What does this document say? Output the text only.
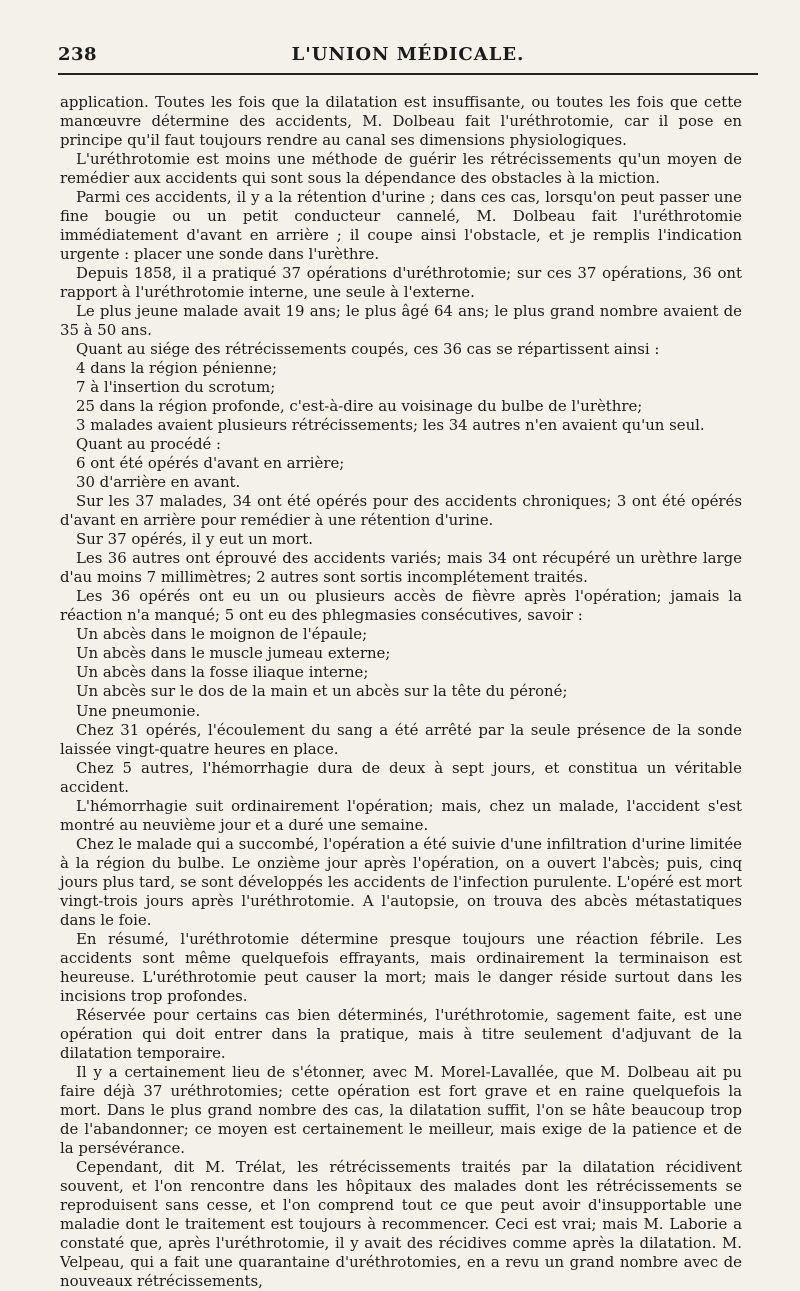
238	L'UNION MÉDICALE.

application. Toutes les fois que la dilatation est insuffisante, ou toutes les fois que cette manœuvre détermine des accidents, M. Dolbeau fait l'uréthrotomie, car il pose en principe qu'il faut toujours rendre au canal ses dimensions physiologiques.

L'uréthrotomie est moins une méthode de guérir les rétrécissements qu'un moyen de remédier aux accidents qui sont sous la dépendance des obstacles à la miction.

Parmi ces accidents, il y a la rétention d'urine ; dans ces cas, lorsqu'on peut passer une fine bougie ou un petit conducteur cannelé, M. Dolbeau fait l'uréthrotomie immédiatement d'avant en arrière ; il coupe ainsi l'obstacle, et je remplis l'indication urgente : placer une sonde dans l'urèthre.

Depuis 1858, il a pratiqué 37 opérations d'uréthrotomie; sur ces 37 opérations, 36 ont rapport à l'uréthrotomie interne, une seule à l'externe.

Le plus jeune malade avait 19 ans; le plus âgé 64 ans; le plus grand nombre avaient de 35 à 50 ans.

Quant au siége des rétrécissements coupés, ces 36 cas se répartissent ainsi :

4 dans la région pénienne;

7 à l'insertion du scrotum;

25 dans la région profonde, c'est-à-dire au voisinage du bulbe de l'urèthre;

3 malades avaient plusieurs rétrécissements; les 34 autres n'en avaient qu'un seul.

Quant au procédé :

6 ont été opérés d'avant en arrière;

30 d'arrière en avant.

Sur les 37 malades, 34 ont été opérés pour des accidents chroniques; 3 ont été opérés d'avant en arrière pour remédier à une rétention d'urine.

Sur 37 opérés, il y eut un mort.

Les 36 autres ont éprouvé des accidents variés; mais 34 ont récupéré un urèthre large d'au moins 7 millimètres; 2 autres sont sortis incomplétement traités.

Les 36 opérés ont eu un ou plusieurs accès de fièvre après l'opération; jamais la réaction n'a manqué; 5 ont eu des phlegmasies consécutives, savoir :

Un abcès dans le moignon de l'épaule;

Un abcès dans le muscle jumeau externe;

Un abcès dans la fosse iliaque interne;

Un abcès sur le dos de la main et un abcès sur la tête du péroné;

Une pneumonie.

Chez 31 opérés, l'écoulement du sang a été arrêté par la seule présence de la sonde laissée vingt-quatre heures en place.

Chez 5 autres, l'hémorrhagie dura de deux à sept jours, et constitua un véritable accident.

L'hémorrhagie suit ordinairement l'opération; mais, chez un malade, l'accident s'est montré au neuvième jour et a duré une semaine.

Chez le malade qui a succombé, l'opération a été suivie d'une infiltration d'urine limitée à la région du bulbe. Le onzième jour après l'opération, on a ouvert l'abcès; puis, cinq jours plus tard, se sont développés les accidents de l'infection purulente. L'opéré est mort vingt-trois jours après l'uréthrotomie. A l'autopsie, on trouva des abcès métastatiques dans le foie.

En résumé, l'uréthrotomie détermine presque toujours une réaction fébrile. Les accidents sont même quelquefois effrayants, mais ordinairement la terminaison est heureuse. L'uréthrotomie peut causer la mort; mais le danger réside surtout dans les incisions trop profondes.

Réservée pour certains cas bien déterminés, l'uréthrotomie, sagement faite, est une opération qui doit entrer dans la pratique, mais à titre seulement d'adjuvant de la dilatation temporaire.

Il y a certainement lieu de s'étonner, avec M. Morel-Lavallée, que M. Dolbeau ait pu faire déjà 37 uréthrotomies; cette opération est fort grave et en raine quelquefois la mort. Dans le plus grand nombre des cas, la dilatation suffit, l'on se hâte beaucoup trop de l'abandonner; ce moyen est certainement le meilleur, mais exige de la patience et de la persévérance.

Cependant, dit M. Trélat, les rétrécissements traités par la dilatation récidivent souvent, et l'on rencontre dans les hôpitaux des malades dont les rétrécissements se reproduisent sans cesse, et l'on comprend tout ce que peut avoir d'insupportable une maladie dont le traitement est toujours à recommencer. Ceci est vrai; mais M. Laborie a constaté que, après l'uréthrotomie, il y avait des récidives comme après la dilatation. M. Velpeau, qui a fait une quarantaine d'uréthrotomies, en a revu un grand nombre avec de nouveaux rétrécissements,
